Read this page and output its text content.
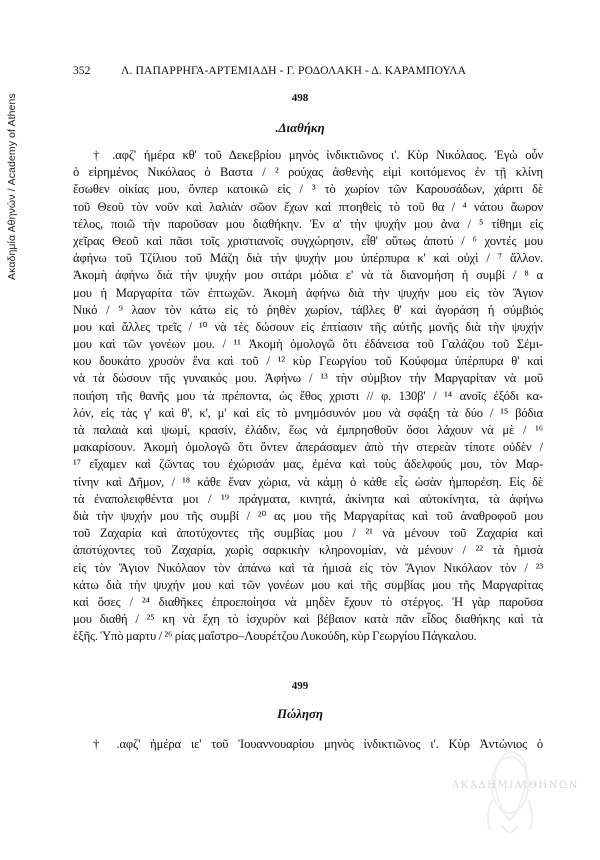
Ακαδημία Αθηνών / Academy of Athens
352	Λ. ΠΑΠΑΡΡΗΓΑ-ΑΡΤΕΜΙΑΔΗ - Γ. ΡΟΔΟΛΑΚΗ - Δ. ΚΑΡΑΜΠΟΥΛΑ
498
.Διαθήκη
† .αφζ' ἡμέρα κθ' τοῦ Δεκεβρίου μηνὸς ἰνδικτιῶνος ι'. Κὺρ Νικόλαος. Ἐγὼ οὖν
ὁ εἰρημένος Νικόλαος ὁ Βαστα / ² ρούχας ἀσθενὴς εἰμὶ κοιτόμενος ἐν τῇ κλίνη
ἔσωθεν οἰκίας μου, ὄνπερ κατοικῶ εἰς / ³ τὸ χωρίον τῶν Καρουσάδων, χάριτι δὲ
τοῦ Θεοῦ τὸν νοῦν καὶ λαλιὰν σῶον ἔχων καὶ πτοηθεὶς τὸ τοῦ θα / ⁴ νάτου ἄωρον
τέλος, ποιῶ τὴν παροῦσαν μου διαθήκην. Ἐν α' τὴν ψυχήν μου ἀνα / ⁵ τίθημι εἰς
χεῖρας Θεοῦ καὶ πᾶσι τοῖς χριστιανοῖς συγχώρησιν, εἶθ' οὕτως ἀποτύ / ⁶ χοντές μου
ἀφήνω τοῦ Τζίλιου τοῦ Μάζη διὰ τὴν ψυχήν μου ὑπέρπυρα κ' καὶ οὐχὶ / ⁷ ἄλλον.
Ἀκομὴ ἀφήνω διὰ τὴν ψυχήν μου σιτάρι μόδια ε' νὰ τὰ διανομήση ἡ συμβί / ⁸ α
μου ἡ Μαργαρίτα τῶν ἐπτωχῶν. Ἀκομὴ ἀφήνω διὰ τὴν ψυχήν μου εἰς τὸν Ἅγιον
Νικό / ⁹ λαον τὸν κάτω εἰς τὸ ῥηθὲν χωρίον, τάβλες θ' καὶ ἀγοράση ἡ σύμβιός
μου καὶ ἄλλες τρεῖς / ¹⁰ νὰ τὲς δώσουν εἰς ἐπτίασιν τῆς αὐτῆς μονῆς διὰ τὴν ψυχήν
μου καὶ τῶν γονέων μου. / ¹¹ Ἀκομὴ ὁμολογῶ ὅτι ἐδάνεισα τοῦ Γαλάζου τοῦ Σέμι-
κου δουκάτο χρυσὸν ἕνα καὶ τοῦ / ¹² κὺρ Γεωργίου τοῦ Κούφομα ὑπέρπυρα θ' καὶ
νὰ τὰ δώσουν τῆς γυναικός μου. Ἀφήνω / ¹³ τὴν σύμβιον τὴν Μαργαρίταν νὰ μοῦ
ποιήση τῆς θανῆς μου τὰ πρέποντα, ὡς ἔθος χριστι // φ. 130β' / ¹⁴ ανοῖς ἐξόδι κα-
λόν, εἰς τὰς γ' καὶ θ', κ', μ' καὶ εἰς τὸ μνημόσυνόν μου νὰ σφάξη τὰ δύο / ¹⁵ βόδια
τὰ παλαιὰ καὶ ψωμί, κρασίν, ἐλάδιν, ἕως νὰ ἐμπρησθοῦν ὅσοι λάχουν νὰ μὲ / ¹⁶
μακαρίσουν. Ἀκομὴ ὁμολογῶ ὅτι ὄντεν ἀπεράσαμεν ἀπὸ τὴν στερεὰν τίποτε οὐδὲν /
¹⁷ εἴχαμεν καὶ ζῶντας του ἐχώρισάν μας, ἐμένα καὶ τοὺς ἀδελφούς μου, τὸν Μαρ-
τίνην καὶ Δῆμον, / ¹⁸ κάθε ἕναν χώρια, νὰ κάμῃ ὁ κάθε εἷς ὡσὰν ἠμπορέση. Εἰς δὲ
τὰ ἐναπολειφθέντα μοι / ¹⁹ πράγματα, κινητά, ἀκίνητα καὶ αὐτοκίνητα, τὰ ἀφήνω
διὰ τὴν ψυχήν μου τῆς συμβί / ²⁰ ας μου τῆς Μαργαρίτας καὶ τοῦ ἀναθροφοῦ μου
τοῦ Ζαχαρία καὶ ἀποτύχοντες τῆς συμβίας μου / ²¹ νὰ μένουν τοῦ Ζαχαρία καὶ
ἀποτύχοντες τοῦ Ζαχαρία, χωρὶς σαρκικὴν κληρονομίαν, νὰ μένουν / ²² τὰ ἡμισὰ
εἰς τὸν Ἅγιον Νικόλαον τὸν ἀπάνω καὶ τὰ ἡμισὰ εἰς τὸν Ἅγιον Νικόλαον τὸν / ²³
κάτω διὰ τὴν ψυχήν μου καὶ τῶν γονέων μου καὶ τῆς συμβίας μου τῆς Μαργαρίτας
καὶ ὅσες / ²⁴ διαθῆκες ἐπροεποίησα νὰ μηδὲν ἔχουν τὸ στέργος. Ἡ γὰρ παροῦσα
μου διαθή / ²⁵ κη νὰ ἔχη τὸ ἰσχυρὸν καὶ βέβαιον κατὰ πᾶν εἶδος διαθήκης καὶ τὰ
ἑξῆς. Ὑπὸ μαρτυ / ²⁶ ρίας μαΐστρο–Λουρέτζου Λυκούδη, κὺρ Γεωργίου Πάγκαλου.
499
Πώληση
† .αφζ' ἡμέρα ιε' τοῦ Ἰουαννουαρίου μηνὸς ἰνδικτιῶνος ι'. Κὺρ Ἀντώνιος ὁ
ΑΚΑΔΗΜΙΑ
ΑΘΗΝΩΝ
